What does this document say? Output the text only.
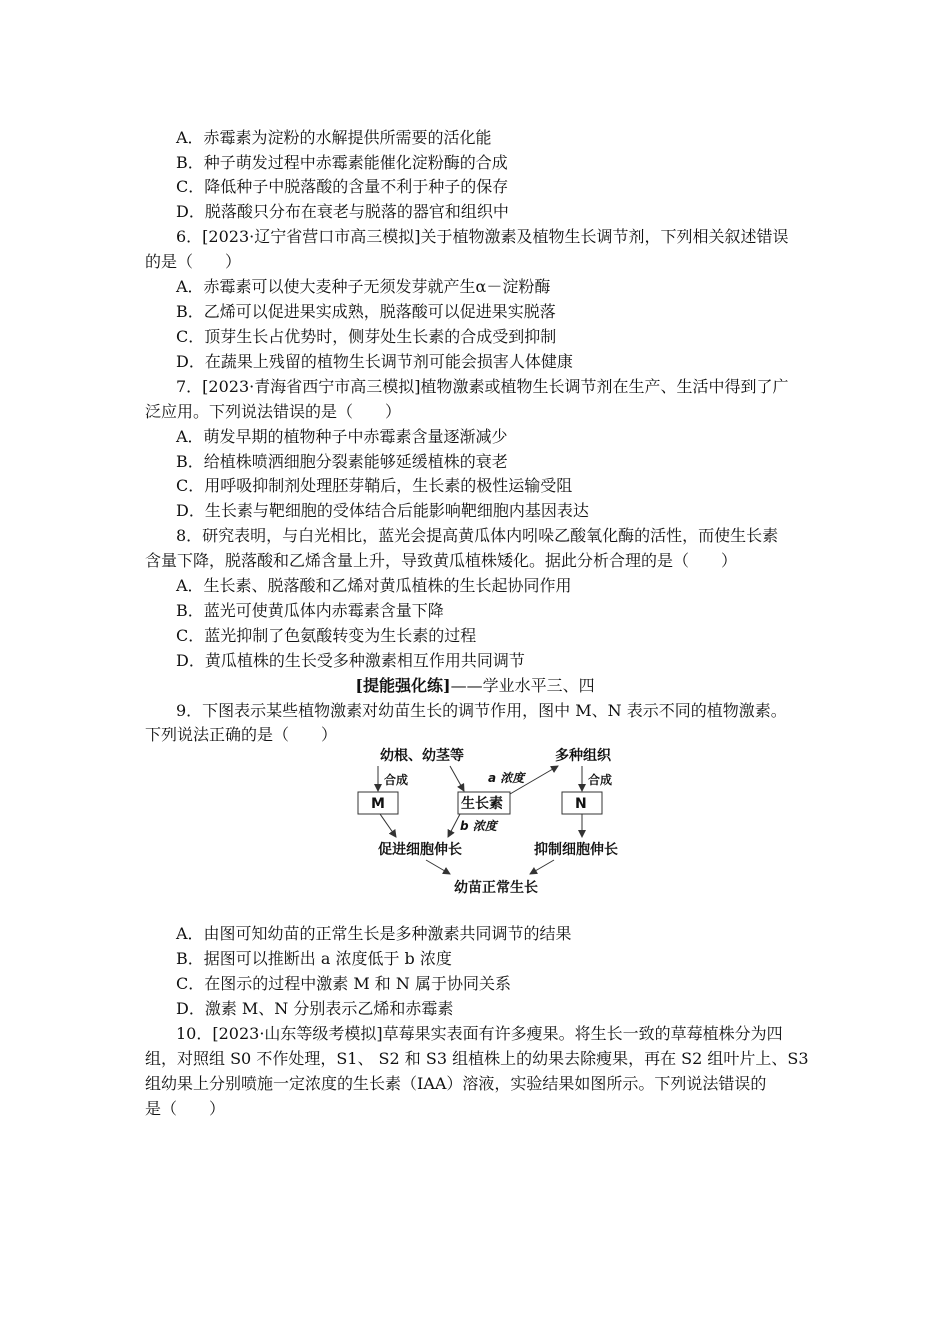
A．赤霉素为淀粉的水解提供所需要的活化能
B．种子萌发过程中赤霉素能催化淀粉酶的合成
C．降低种子中脱落酸的含量不利于种子的保存
D．脱落酸只分布在衰老与脱落的器官和组织中
6．[2023·辽宁省营口市高三模拟]关于植物激素及植物生长调节剂，下列相关叙述错误
的是（　　）
A．赤霉素可以使大麦种子无须发芽就产生α－淀粉酶
B．乙烯可以促进果实成熟，脱落酸可以促进果实脱落
C．顶芽生长占优势时，侧芽处生长素的合成受到抑制
D．在蔬果上残留的植物生长调节剂可能会损害人体健康
7．[2023·青海省西宁市高三模拟]植物激素或植物生长调节剂在生产、生活中得到了广
泛应用。下列说法错误的是（　　）
A．萌发早期的植物种子中赤霉素含量逐渐减少
B．给植株喷洒细胞分裂素能够延缓植株的衰老
C．用呼吸抑制剂处理胚芽鞘后，生长素的极性运输受阻
D．生长素与靶细胞的受体结合后能影响靶细胞内基因表达
8．研究表明，与白光相比，蓝光会提高黄瓜体内吲哚乙酸氧化酶的活性，而使生长素
含量下降，脱落酸和乙烯含量上升，导致黄瓜植株矮化。据此分析合理的是（　　）
A．生长素、脱落酸和乙烯对黄瓜植株的生长起协同作用
B．蓝光可使黄瓜体内赤霉素含量下降
C．蓝光抑制了色氨酸转变为生长素的过程
D．黄瓜植株的生长受多种激素相互作用共同调节
[提能强化练]——学业水平三、四
9．下图表示某些植物激素对幼苗生长的调节作用，图中 M、N 表示不同的植物激素。
下列说法正确的是（　　）
幼根、幼茎等	多种组织
合成	合成
M	生长素	N
a 浓度
b 浓度
促进细胞伸长	抑制细胞伸长
幼苗正常生长
A．由图可知幼苗的正常生长是多种激素共同调节的结果
B．据图可以推断出 a 浓度低于 b 浓度
C．在图示的过程中激素 M 和 N 属于协同关系
D．激素 M、N 分别表示乙烯和赤霉素
10．[2023·山东等级考模拟]草莓果实表面有许多瘦果。将生长一致的草莓植株分为四
组，对照组 S0 不作处理，S1、 S2 和 S3 组植株上的幼果去除瘦果，再在 S2 组叶片上、S3
组幼果上分别喷施一定浓度的生长素（IAA）溶液，实验结果如图所示。下列说法错误的
是（　　）
